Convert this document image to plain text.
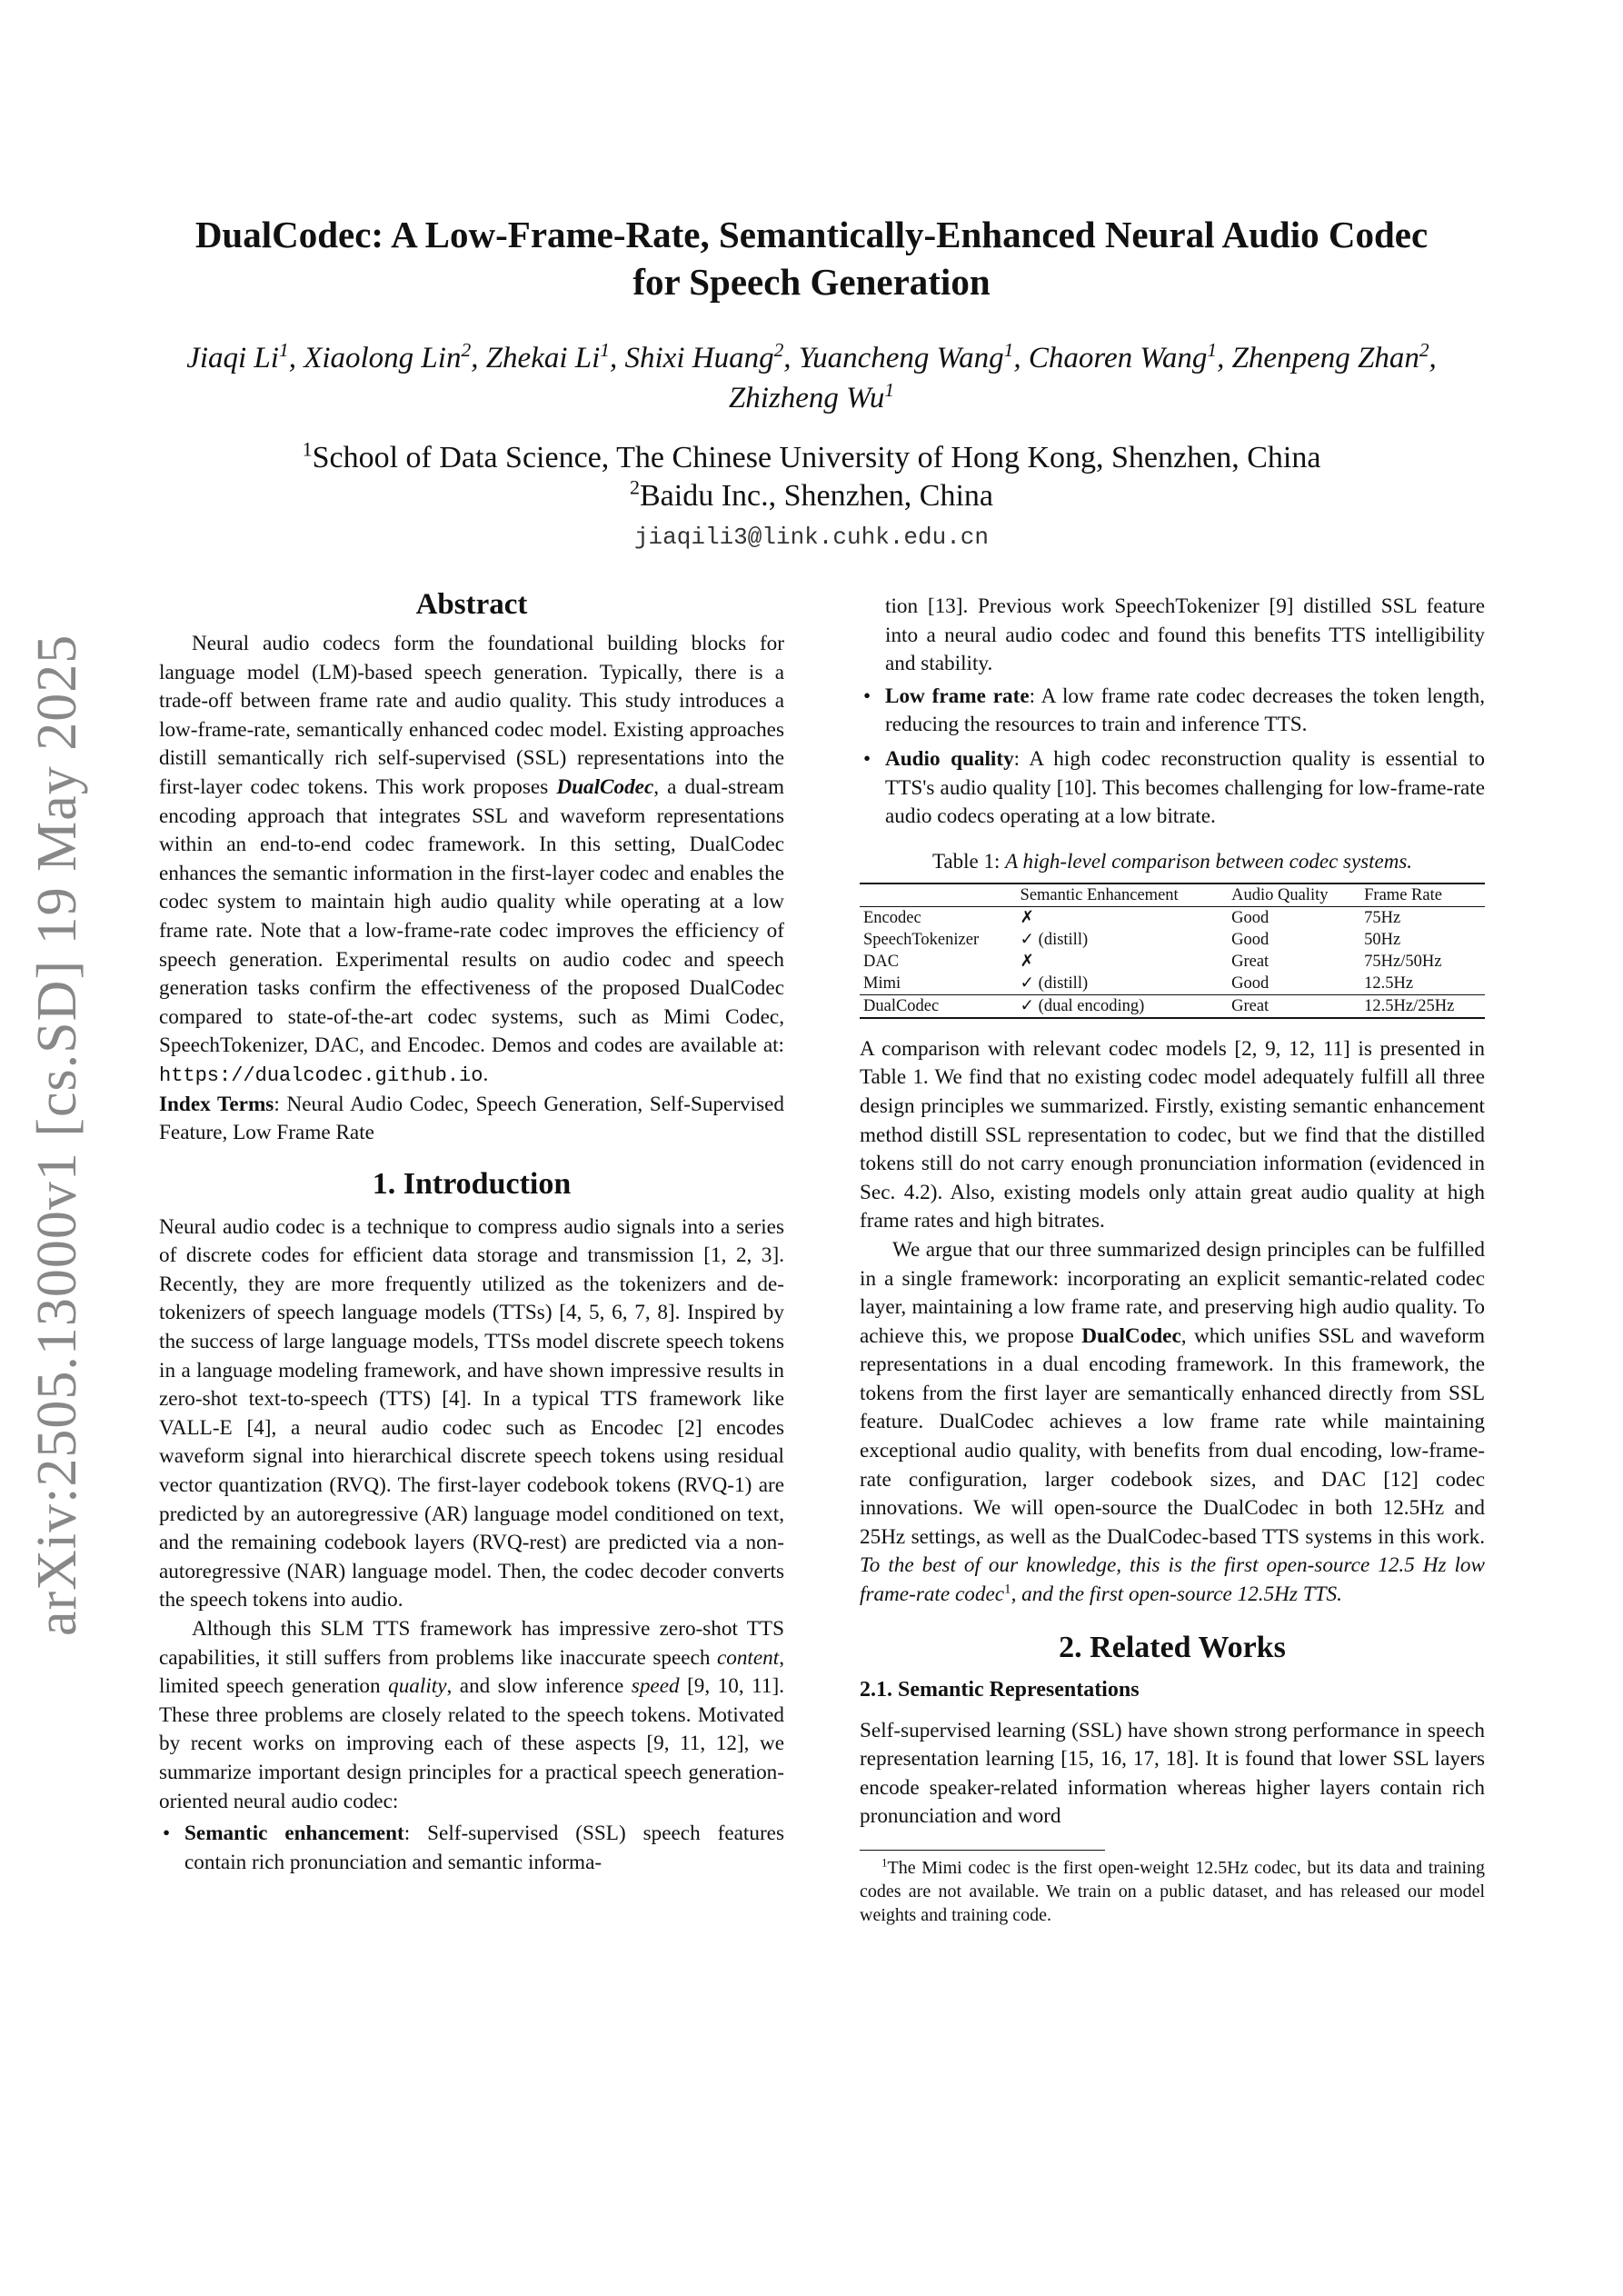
arXiv:2505.13000v1 [cs.SD] 19 May 2025
DualCodec: A Low-Frame-Rate, Semantically-Enhanced Neural Audio Codec
for Speech Generation
Jiaqi Li$^1$, Xiaolong Lin$^2$, Zhekai Li$^1$, Shixi Huang$^2$, Yuancheng Wang$^1$, Chaoren Wang$^1$, Zhenpeng Zhan$^2$, Zhizheng Wu$^1$
$^1$School of Data Science, The Chinese University of Hong Kong, Shenzhen, China
$^2$Baidu Inc., Shenzhen, China
jiaqili3@link.cuhk.edu.cn
Abstract

Neural audio codecs form the foundational building blocks for language model (LM)-based speech generation. Typically, there is a trade-off between frame rate and audio quality. This study introduces a low-frame-rate, semantically enhanced codec model. Existing approaches distill semantically rich self-supervised (SSL) representations into the first-layer codec tokens. This work proposes DualCodec, a dual-stream encoding approach that integrates SSL and waveform representations within an end-to-end codec framework. In this setting, DualCodec enhances the semantic information in the first-layer codec and enables the codec system to maintain high audio quality while operating at a low frame rate. Note that a low-frame-rate codec improves the efficiency of speech generation. Experimental results on audio codec and speech generation tasks confirm the effectiveness of the proposed DualCodec compared to state-of-the-art codec systems, such as Mimi Codec, SpeechTokenizer, DAC, and Encodec. Demos and codes are available at: https://dualcodec.github.io.

Index Terms: Neural Audio Codec, Speech Generation, Self-Supervised Feature, Low Frame Rate

1. Introduction

Neural audio codec is a technique to compress audio signals into a series of discrete codes for efficient data storage and transmission [1, 2, 3]. Recently, they are more frequently utilized as the tokenizers and de-tokenizers of speech language models (TTSs) [4, 5, 6, 7, 8]. Inspired by the success of large language models, TTSs model discrete speech tokens in a language modeling framework, and have shown impressive results in zero-shot text-to-speech (TTS) [4]. In a typical TTS framework like VALL-E [4], a neural audio codec such as Encodec [2] encodes waveform signal into hierarchical discrete speech tokens using residual vector quantization (RVQ). The first-layer codebook tokens (RVQ-1) are predicted by an autoregressive (AR) language model conditioned on text, and the remaining codebook layers (RVQ-rest) are predicted via a non-autoregressive (NAR) language model. Then, the codec decoder converts the speech tokens into audio.

Although this SLM TTS framework has impressive zero-shot TTS capabilities, it still suffers from problems like inaccurate speech content, limited speech generation quality, and slow inference speed [9, 10, 11]. These three problems are closely related to the speech tokens. Motivated by recent works on improving each of these aspects [9, 11, 12], we summarize important design principles for a practical speech generation-oriented neural audio codec:

• Semantic enhancement: Self-supervised (SSL) speech features contain rich pronunciation and semantic informa-

tion [13]. Previous work SpeechTokenizer [9] distilled SSL feature into a neural audio codec and found this benefits TTS intelligibility and stability.

• Low frame rate: A low frame rate codec decreases the token length, reducing the resources to train and inference TTS.
• Audio quality: A high codec reconstruction quality is essential to TTS's audio quality [10]. This becomes challenging for low-frame-rate audio codecs operating at a low bitrate.
Table 1: A high-level comparison between codec systems.
	Semantic Enhancement	Audio Quality	Frame Rate
Encodec	✗	Good	75Hz
SpeechTokenizer	✓ (distill)	Good	50Hz
DAC	✗	Great	75Hz/50Hz
Mimi	✓ (distill)	Good	12.5Hz
DualCodec	✓ (dual encoding)	Great	12.5Hz/25Hz

A comparison with relevant codec models [2, 9, 12, 11] is presented in Table 1. We find that no existing codec model adequately fulfill all three design principles we summarized. Firstly, existing semantic enhancement method distill SSL representation to codec, but we find that the distilled tokens still do not carry enough pronunciation information (evidenced in Sec. 4.2). Also, existing models only attain great audio quality at high frame rates and high bitrates.

We argue that our three summarized design principles can be fulfilled in a single framework: incorporating an explicit semantic-related codec layer, maintaining a low frame rate, and preserving high audio quality. To achieve this, we propose DualCodec, which unifies SSL and waveform representations in a dual encoding framework. In this framework, the tokens from the first layer are semantically enhanced directly from SSL feature. DualCodec achieves a low frame rate while maintaining exceptional audio quality, with benefits from dual encoding, low-frame-rate configuration, larger codebook sizes, and DAC [12] codec innovations. We will open-source the DualCodec in both 12.5Hz and 25Hz settings, as well as the DualCodec-based TTS systems in this work. To the best of our knowledge, this is the first open-source 12.5 Hz low frame-rate codec$^1$, and the first open-source 12.5Hz TTS.

2. Related Works
2.1. Semantic Representations

Self-supervised learning (SSL) have shown strong performance in speech representation learning [15, 16, 17, 18]. It is found that lower SSL layers encode speaker-related information whereas higher layers contain rich pronunciation and word

$^1$The Mimi codec is the first open-weight 12.5Hz codec, but its data and training codes are not available. We train on a public dataset, and has released our model weights and training code.
